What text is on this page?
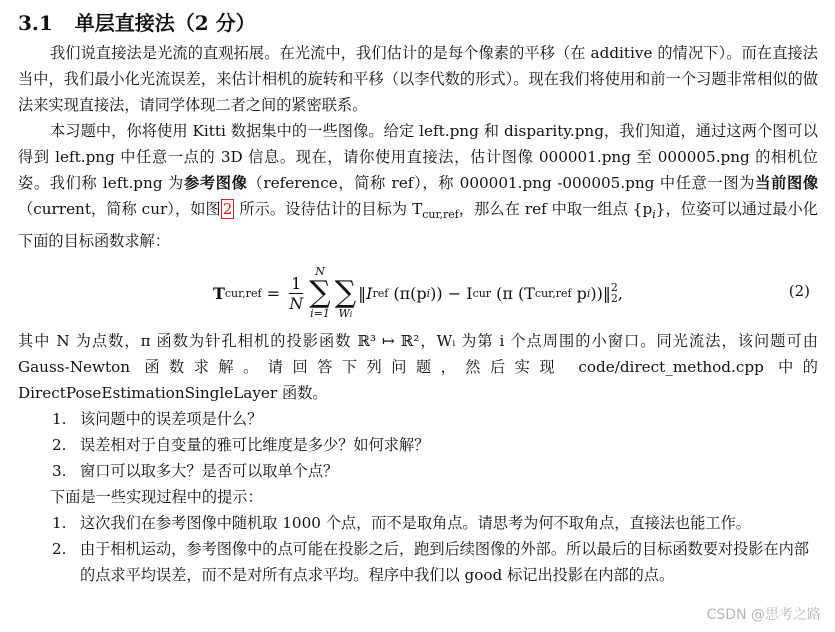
3.1 单层直接法（2 分）

我们说直接法是光流的直观拓展。在光流中，我们估计的是每个像素的平移（在 additive 的情况下）。而在直接法当中，我们最小化光流误差，来估计相机的旋转和平移（以李代数的形式）。现在我们将使用和前一个习题非常相似的做法来实现直接法，请同学体现二者之间的紧密联系。

本习题中，你将使用 Kitti 数据集中的一些图像。给定 left.png 和 disparity.png，我们知道，通过这两个图可以得到 left.png 中任意一点的 3D 信息。现在，请你使用直接法，估计图像 000001.png 至 000005.png 的相机位姿。我们称 left.png 为参考图像（reference，简称 ref），称 000001.png -000005.png 中任意一图为当前图像（current，简称 cur），如图 2 所示。设待估计的目标为 $T_{cur,ref}$，那么在 ref 中取一组点 $\{p_i\}$，位姿可以通过最小化下面的目标函数求解：

T $cur,ref = \frac{1}{N}$
N
∑
i=1

∑
Wi
‖I ref (π(p i )) − I cur (π (T cur,ref p i ))‖ 2
2 ,	(2)

其中 N 为点数，π 函数为针孔相机的投影函数 ℝ³ ↦ ℝ²，Wᵢ 为第 i 个点周围的小窗口。同光流法，该问题可由 Gauss-Newton 函数求解。请回答下列问题，然后实现 code/direct_method.cpp 中的 DirectPoseEstimationSingleLayer 函数。

1. 该问题中的误差项是什么？
2. 误差相对于自变量的雅可比维度是多少？如何求解？
3. 窗口可以取多大？是否可以取单个点？

下面是一些实现过程中的提示：

1. 这次我们在参考图像中随机取 1000 个点，而不是取角点。请思考为何不取角点，直接法也能工作。
2. 由于相机运动，参考图像中的点可能在投影之后，跑到后续图像的外部。所以最后的目标函数要对投影在内部的点求平均误差，而不是对所有点求平均。程序中我们以 good 标记出投影在内部的点。
CSDN @思考之路
